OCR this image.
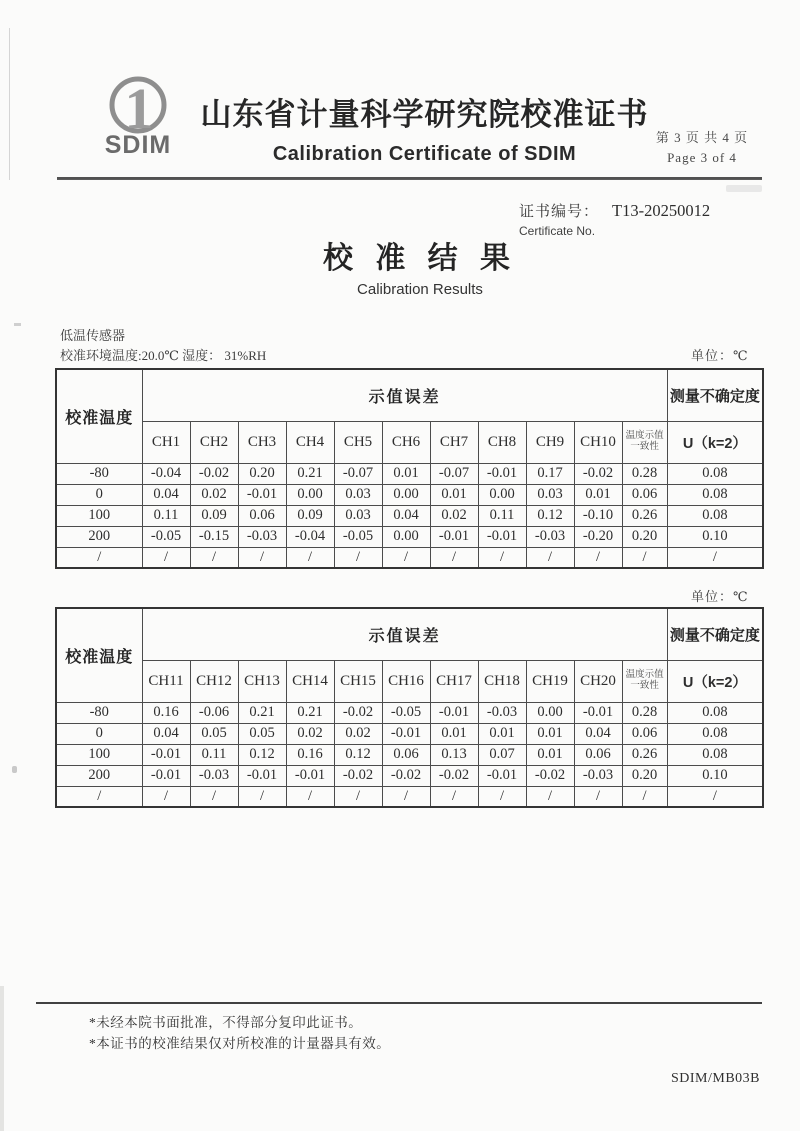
1
SDIM
山东省计量科学研究院校准证书
Calibration Certificate of SDIM
第 3 页 共 4 页
Page 3 of 4
证书编号： T13-20250012
Certificate No.
校 准 结 果
Calibration Results
低温传感器
校准环境温度:20.0℃ 湿度： 31%RH	单位：℃
校准温度	示值误差											测量不确定度
	CH1	CH2	CH3	CH4	CH5	CH6	CH7	CH8	CH9	CH10	温度示值一致性	U（k=2）
-80	-0.04	-0.02	0.20	0.21	-0.07	0.01	-0.07	-0.01	0.17	-0.02	0.28	0.08
0	0.04	0.02	-0.01	0.00	0.03	0.00	0.01	0.00	0.03	0.01	0.06	0.08
100	0.11	0.09	0.06	0.09	0.03	0.04	0.02	0.11	0.12	-0.10	0.26	0.08
200	-0.05	-0.15	-0.03	-0.04	-0.05	0.00	-0.01	-0.01	-0.03	-0.20	0.20	0.10
/	/	/	/	/	/	/	/	/	/	/	/	/
单位：℃
校准温度	示值误差											测量不确定度
	CH11	CH12	CH13	CH14	CH15	CH16	CH17	CH18	CH19	CH20	温度示值一致性	U（k=2）
-80	0.16	-0.06	0.21	0.21	-0.02	-0.05	-0.01	-0.03	0.00	-0.01	0.28	0.08
0	0.04	0.05	0.05	0.02	0.02	-0.01	0.01	0.01	0.01	0.04	0.06	0.08
100	-0.01	0.11	0.12	0.16	0.12	0.06	0.13	0.07	0.01	0.06	0.26	0.08
200	-0.01	-0.03	-0.01	-0.01	-0.02	-0.02	-0.02	-0.01	-0.02	-0.03	0.20	0.10
/	/	/	/	/	/	/	/	/	/	/	/	/
*未经本院书面批准，不得部分复印此证书。
*本证书的校准结果仅对所校准的计量器具有效。
SDIM/MB03B
